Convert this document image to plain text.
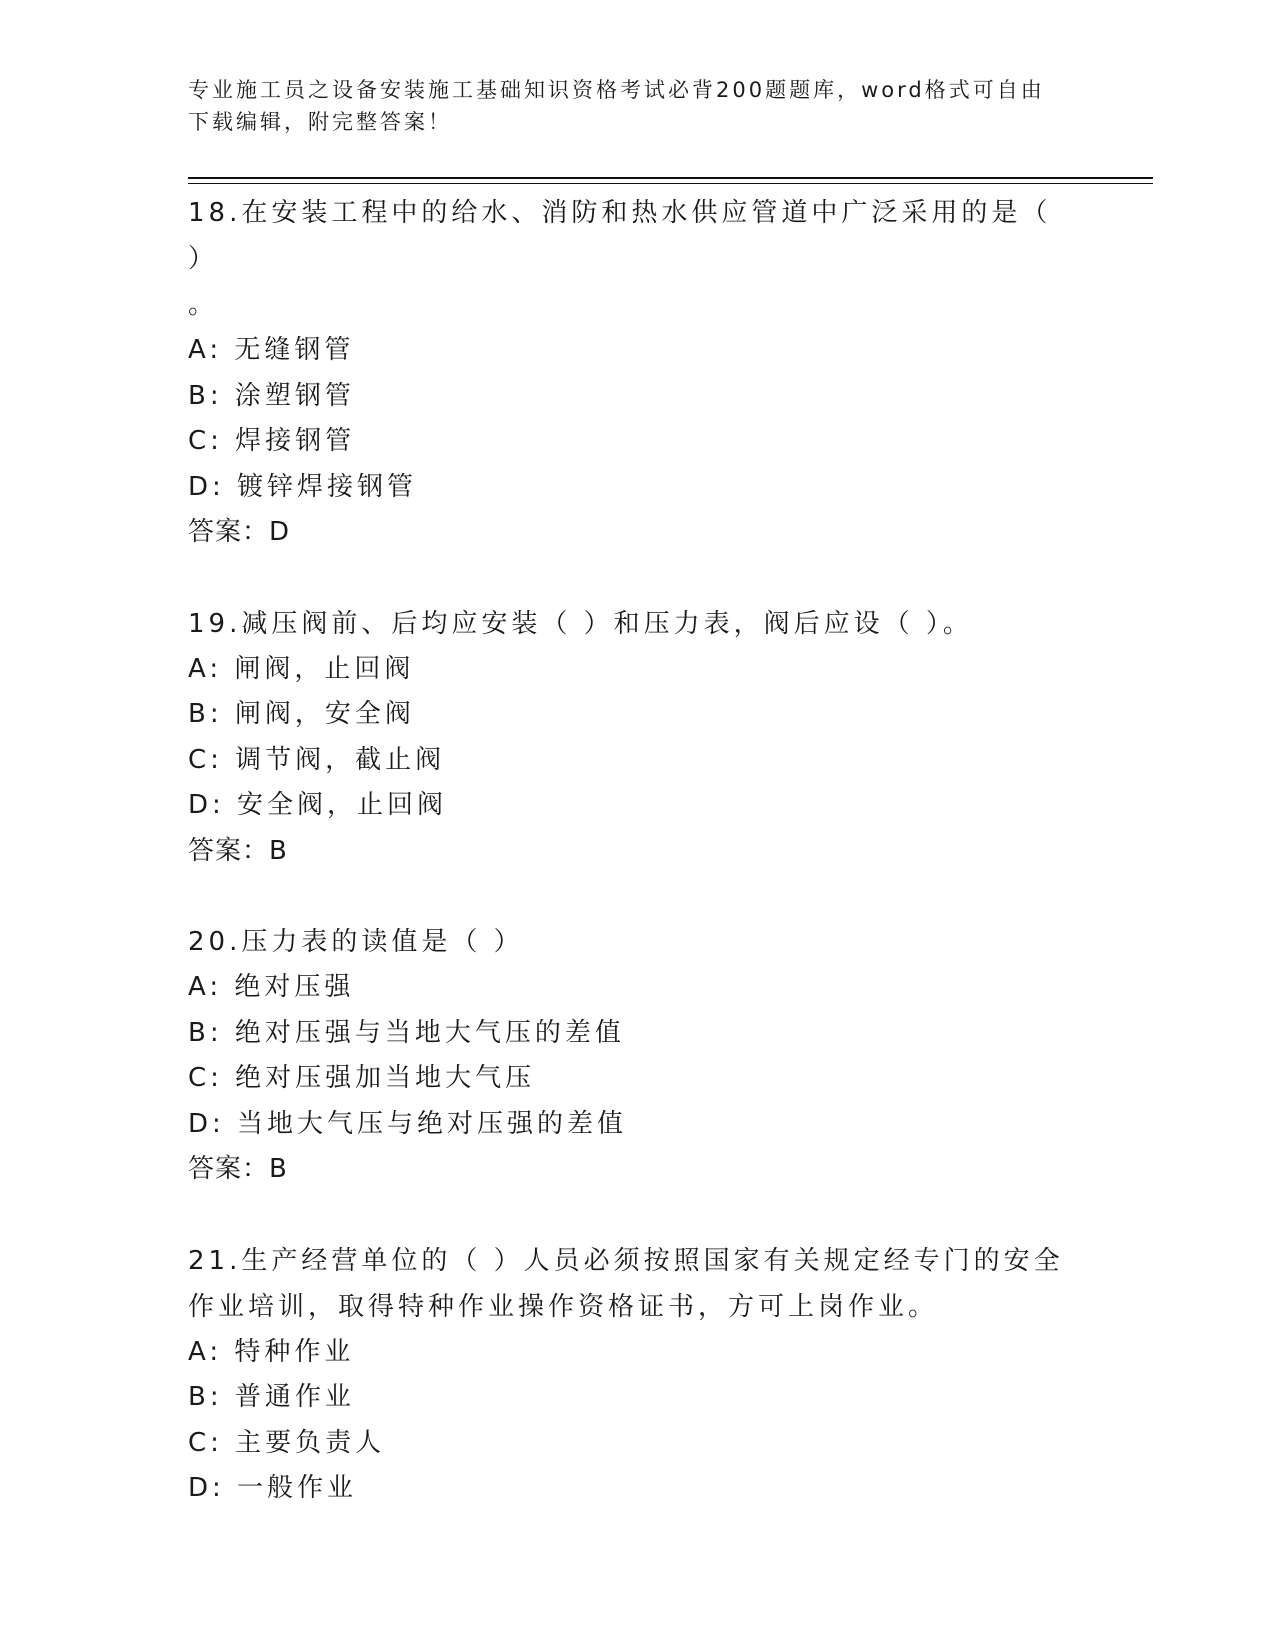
专业施工员之设备安装施工基础知识资格考试必背200题题库，word格式可自由下载编辑，附完整答案！
18.在安装工程中的给水、消防和热水供应管道中广泛采用的是（ ）
。
A: 无缝钢管
B: 涂塑钢管
C: 焊接钢管
D: 镀锌焊接钢管
答案：D
19.减压阀前、后均应安装（ ）和压力表，阀后应设（ ）。
A: 闸阀，止回阀
B: 闸阀，安全阀
C: 调节阀，截止阀
D: 安全阀，止回阀
答案：B
20.压力表的读值是（ ）
A: 绝对压强
B: 绝对压强与当地大气压的差值
C: 绝对压强加当地大气压
D: 当地大气压与绝对压强的差值
答案：B
21.生产经营单位的（ ）人员必须按照国家有关规定经专门的安全作业培训，取得特种作业操作资格证书，方可上岗作业。
A: 特种作业
B: 普通作业
C: 主要负责人
D: 一般作业
